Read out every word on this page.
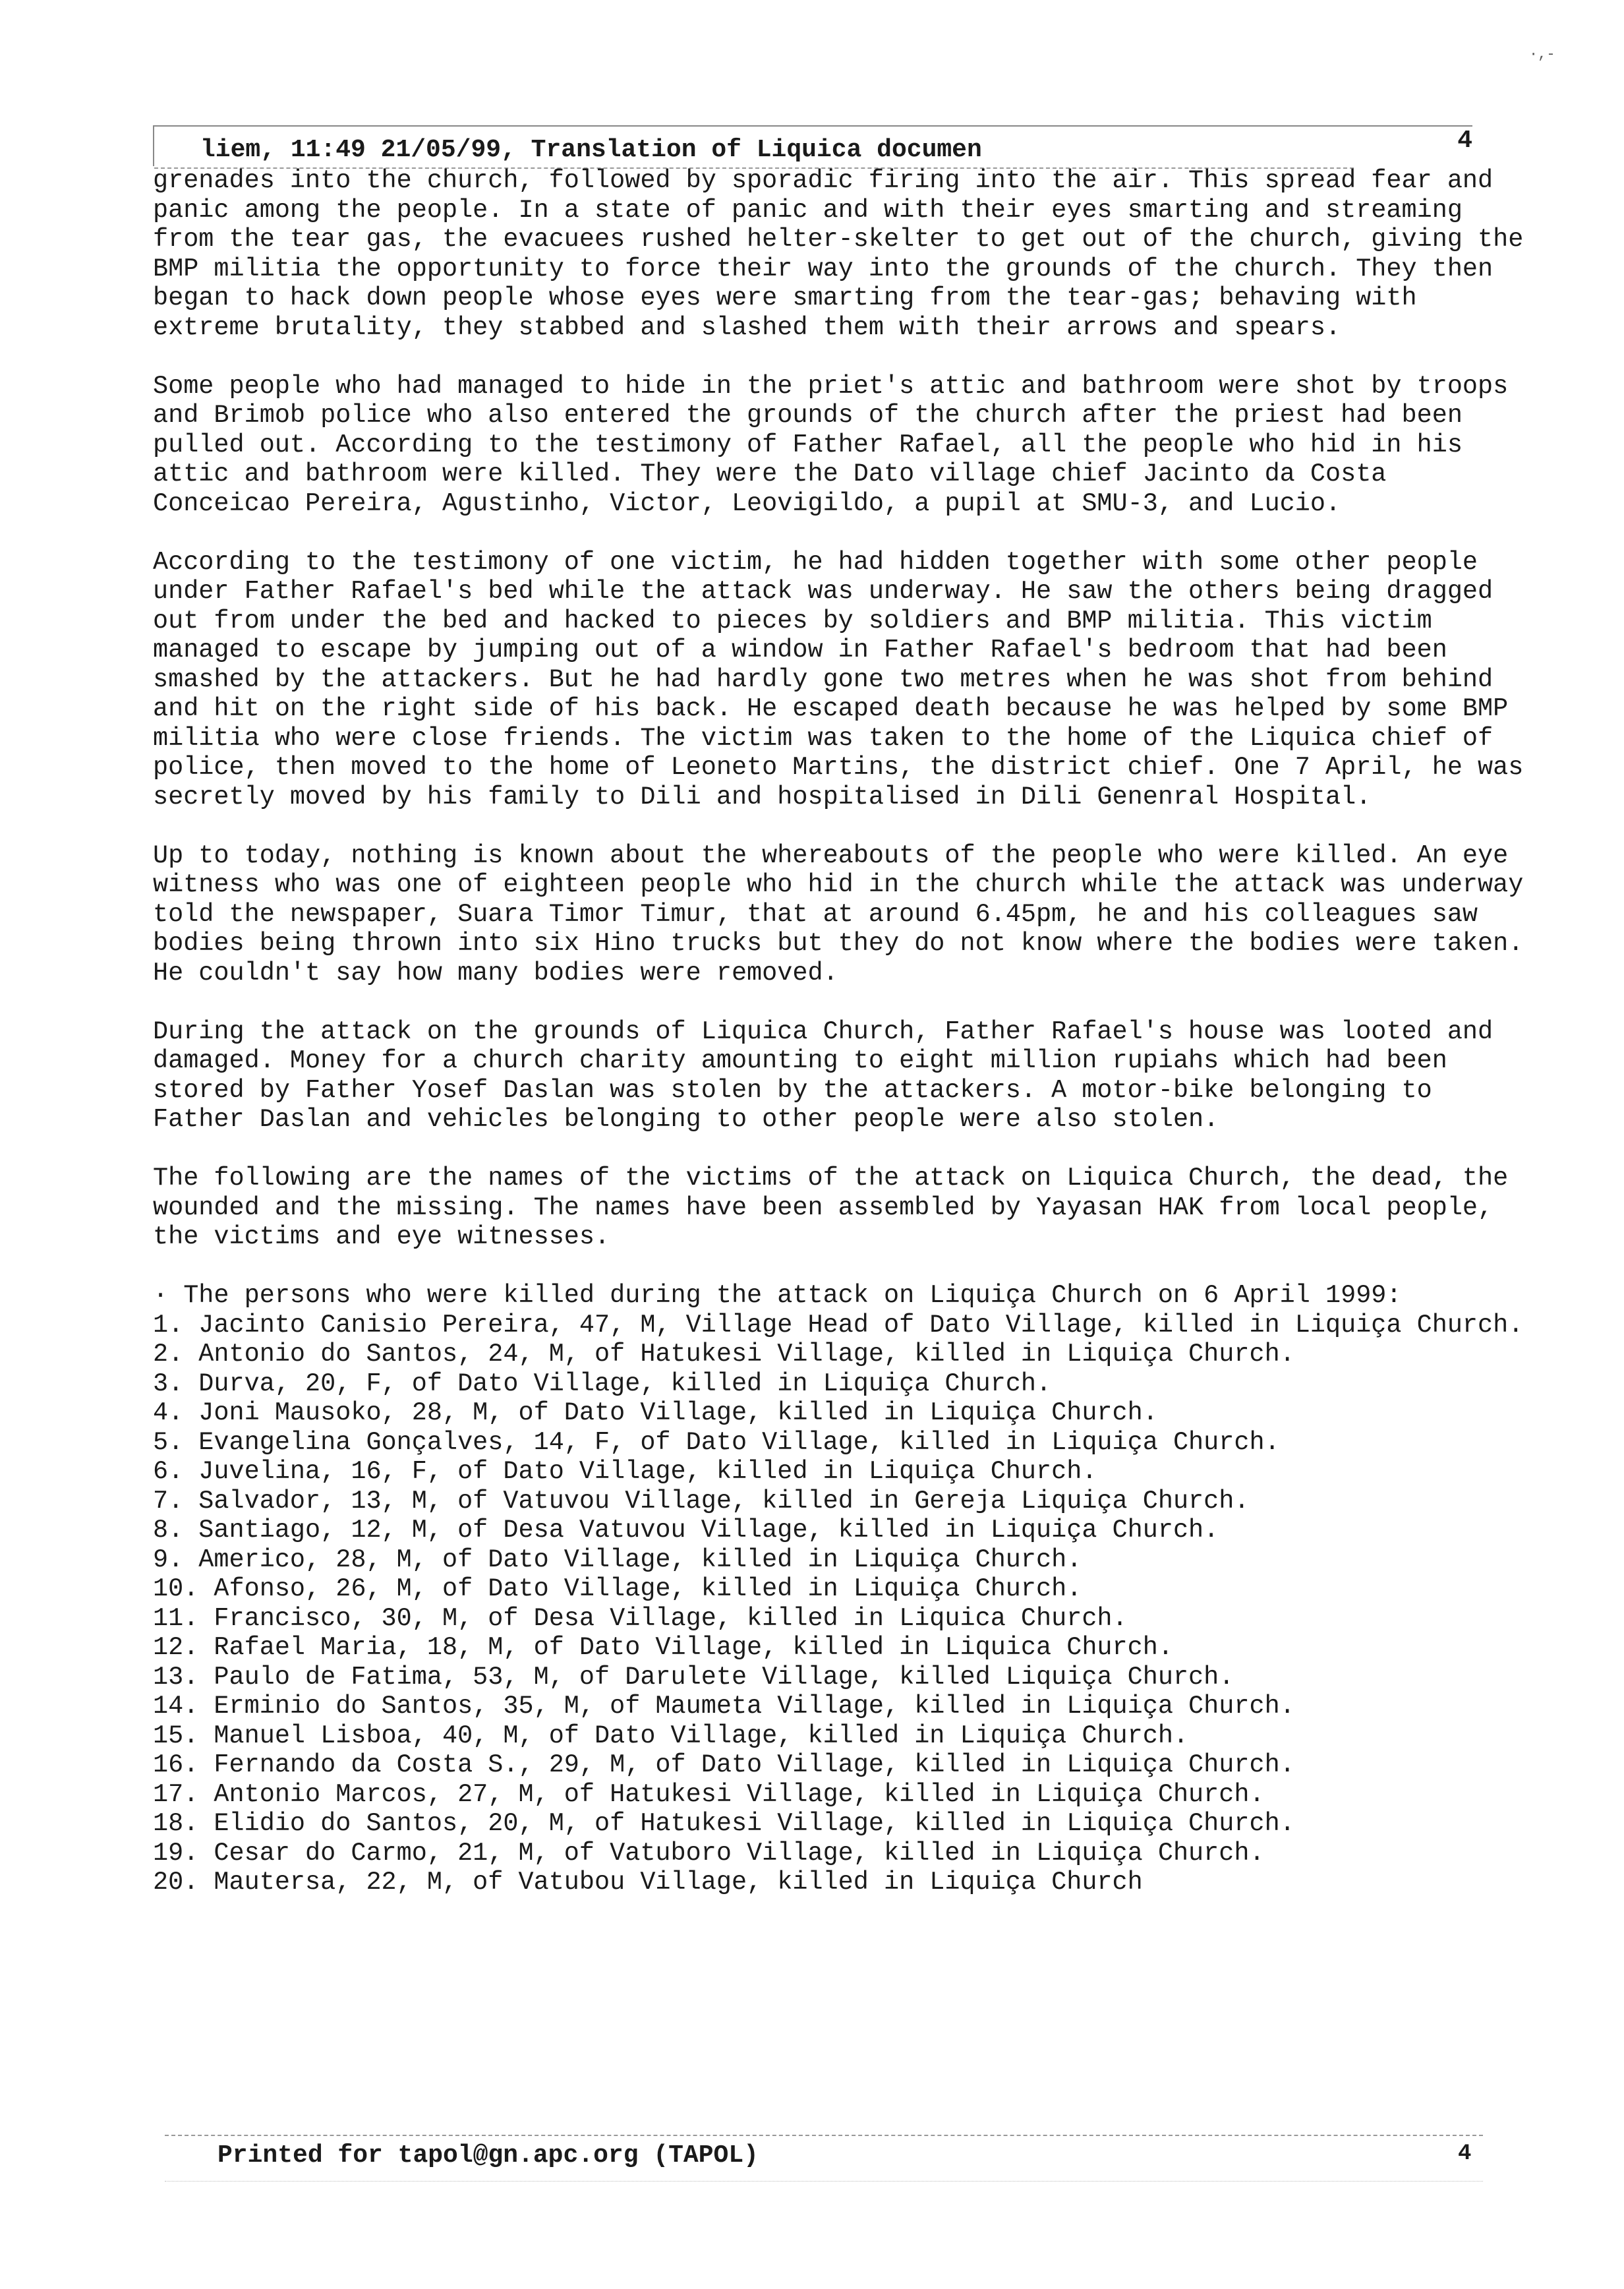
·,-
liem, 11:49 21/05/99, Translation of Liquica documen	4

grenades into the church, followed by sporadic firing into the air. This spread fear and panic among the people. In a state of panic and with their eyes smarting and streaming from the tear gas, the evacuees rushed helter-skelter to get out of the church, giving the BMP militia the opportunity to force their way into the grounds of the church. They then began to hack down people whose eyes were smarting from the tear-gas; behaving with extreme brutality, they stabbed and slashed them with their arrows and spears.

Some people who had managed to hide in the priet's attic and bathroom were shot by troops and Brimob police who also entered the grounds of the church after the priest had been pulled out. According to the testimony of Father Rafael, all the people who hid in his attic and bathroom were killed. They were the Dato village chief Jacinto da Costa Conceicao Pereira, Agustinho, Victor, Leovigildo, a pupil at SMU-3, and Lucio.

According to the testimony of one victim, he had hidden together with some other people under Father Rafael's bed while the attack was underway. He saw the others being dragged out from under the bed and hacked to pieces by soldiers and BMP militia. This victim managed to escape by jumping out of a window in Father Rafael's bedroom that had been smashed by the attackers. But he had hardly gone two metres when he was shot from behind and hit on the right side of his back. He escaped death because he was helped by some BMP militia who were close friends. The victim was taken to the home of the Liquica chief of police, then moved to the home of Leoneto Martins, the district chief. One 7 April, he was secretly moved by his family to Dili and hospitalised in Dili Genenral Hospital.

Up to today, nothing is known about the whereabouts of the people who were killed. An eye witness who was one of eighteen people who hid in the church while the attack was underway told the newspaper, Suara Timor Timur, that at around 6.45pm, he and his colleagues saw bodies being thrown into six Hino trucks but they do not know where the bodies were taken. He couldn't say how many bodies were removed.

During the attack on the grounds of Liquica Church, Father Rafael's house was looted and damaged. Money for a church charity amounting to eight million rupiahs which had been stored by Father Yosef Daslan was stolen by the attackers. A motor-bike belonging to Father Daslan and vehicles belonging to other people were also stolen.

The following are the names of the victims of the attack on Liquica Church, the dead, the wounded and the missing. The names have been assembled by Yayasan HAK from local people, the victims and eye witnesses.

· The persons who were killed during the attack on Liquiça Church on 6 April 1999:

1. Jacinto Canisio Pereira, 47, M, Village Head of Dato Village, killed in Liquiça Church.

2. Antonio do Santos, 24, M, of Hatukesi Village, killed in Liquiça Church.

3. Durva, 20, F, of Dato Village, killed in Liquiça Church.

4. Joni Mausoko, 28, M, of Dato Village, killed in Liquiça Church.

5. Evangelina Gonçalves, 14, F, of Dato Village, killed in Liquiça Church.

6. Juvelina, 16, F, of Dato Village, killed in Liquiça Church.

7. Salvador, 13, M, of Vatuvou Village, killed in Gereja Liquiça Church.

8. Santiago, 12, M, of Desa Vatuvou Village, killed in Liquiça Church.

9. Americo, 28, M, of Dato Village, killed in Liquiça Church.

10. Afonso, 26, M, of Dato Village, killed in Liquiça Church.

11. Francisco, 30, M, of Desa Village, killed in Liquica Church.

12. Rafael Maria, 18, M, of Dato Village, killed in Liquica Church.

13. Paulo de Fatima, 53, M, of Darulete Village, killed Liquiça Church.

14. Erminio do Santos, 35, M, of Maumeta Village, killed in Liquiça Church.

15. Manuel Lisboa, 40, M, of Dato Village, killed in Liquiça Church.

16. Fernando da Costa S., 29, M, of Dato Village, killed in Liquiça Church.

17. Antonio Marcos, 27, M, of Hatukesi Village, killed in Liquiça Church.

18. Elidio do Santos, 20, M, of Hatukesi Village, killed in Liquiça Church.

19. Cesar do Carmo, 21, M, of Vatuboro Village, killed in Liquiça Church.

20. Mautersa, 22, M, of Vatubou Village, killed in Liquiça Church

Printed for tapol@gn.apc.org (TAPOL)	4
